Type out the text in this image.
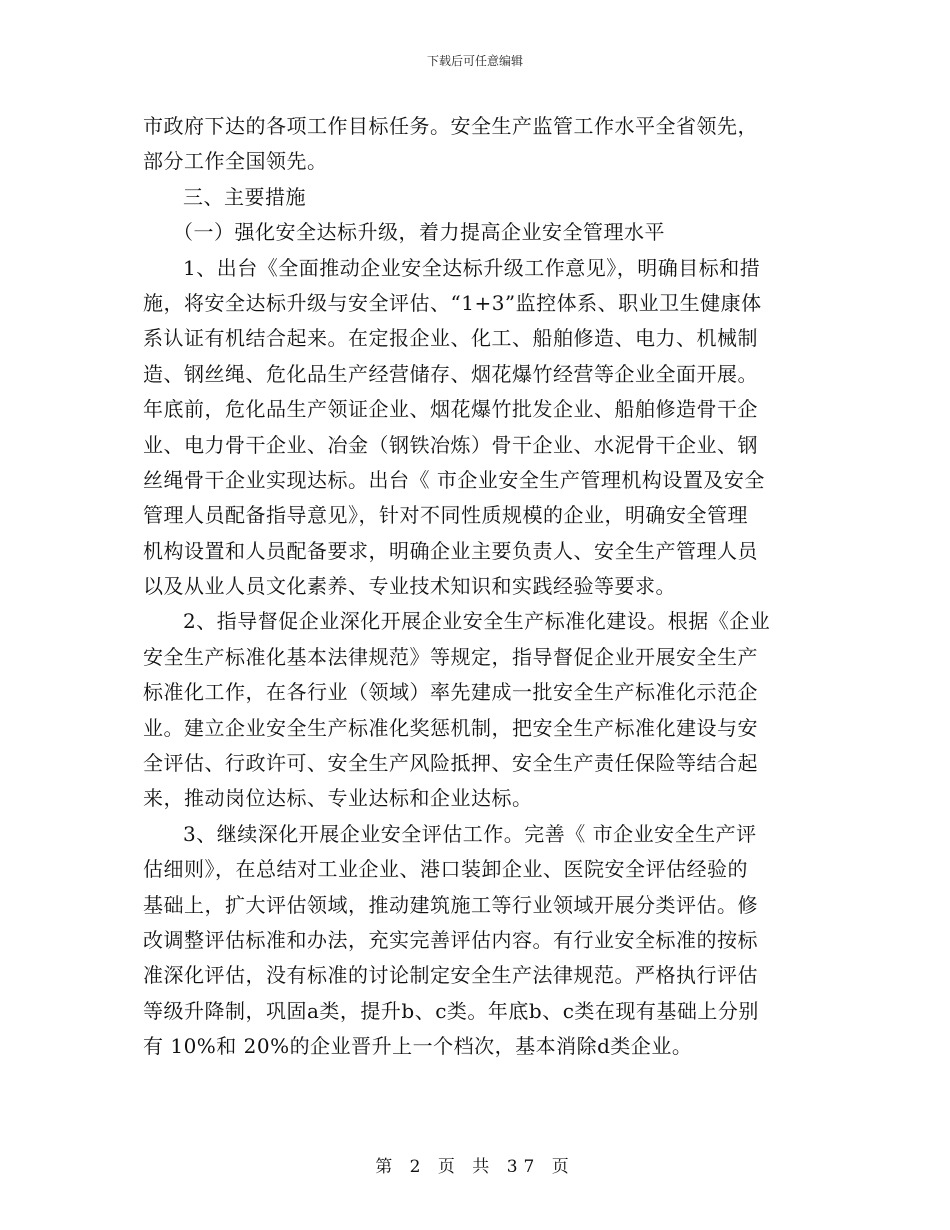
下载后可任意编辑
市政府下达的各项工作目标任务。安全生产监管工作水平全省领先，
部分工作全国领先。
三、主要措施
（一）强化安全达标升级，着力提高企业安全管理水平
1、出台《全面推动企业安全达标升级工作意见》，明确目标和措
施，将安全达标升级与安全评估、“1+3”监控体系、职业卫生健康体
系认证有机结合起来。在定报企业、化工、船舶修造、电力、机械制
造、钢丝绳、危化品生产经营储存、烟花爆竹经营等企业全面开展。
年底前，危化品生产领证企业、烟花爆竹批发企业、船舶修造骨干企
业、电力骨干企业、冶金（钢铁冶炼）骨干企业、水泥骨干企业、钢
丝绳骨干企业实现达标。出台《 市企业安全生产管理机构设置及安全
管理人员配备指导意见》，针对不同性质规模的企业，明确安全管理
机构设置和人员配备要求，明确企业主要负责人、安全生产管理人员
以及从业人员文化素养、专业技术知识和实践经验等要求。
2、指导督促企业深化开展企业安全生产标准化建设。根据《企业
安全生产标准化基本法律规范》等规定，指导督促企业开展安全生产
标准化工作，在各行业（领域）率先建成一批安全生产标准化示范企
业。建立企业安全生产标准化奖惩机制，把安全生产标准化建设与安
全评估、行政许可、安全生产风险抵押、安全生产责任保险等结合起
来，推动岗位达标、专业达标和企业达标。
3、继续深化开展企业安全评估工作。完善《 市企业安全生产评
估细则》，在总结对工业企业、港口装卸企业、医院安全评估经验的
基础上，扩大评估领域，推动建筑施工等行业领域开展分类评估。修
改调整评估标准和办法，充实完善评估内容。有行业安全标准的按标
准深化评估，没有标准的讨论制定安全生产法律规范。严格执行评估
等级升降制，巩固a类，提升b、c类。年底b、c类在现有基础上分别
有 10%和 20%的企业晋升上一个档次，基本消除d类企业。
第 2 页 共 37 页
